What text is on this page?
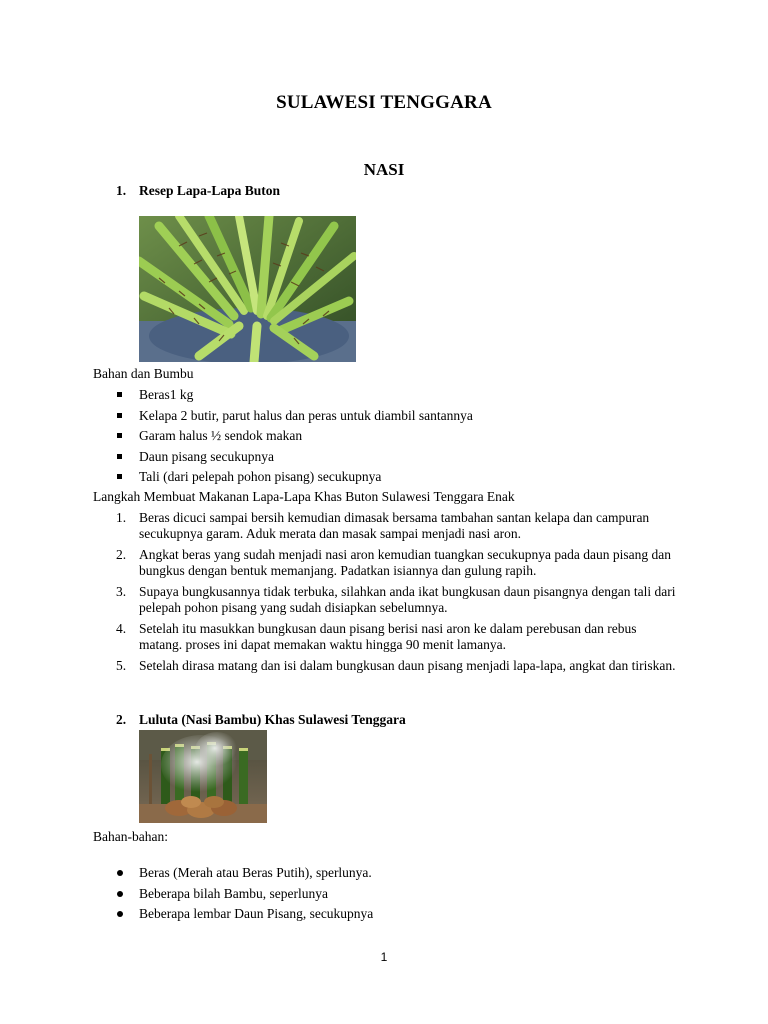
SULAWESI TENGGARA
NASI
1. Resep Lapa-Lapa Buton
Bahan dan Bumbu
Beras1 kg
Kelapa 2 butir, parut halus dan peras untuk diambil santannya
Garam halus ½ sendok makan
Daun pisang secukupnya
Tali (dari pelepah pohon pisang) secukupnya
Langkah Membuat Makanan Lapa-Lapa Khas Buton Sulawesi Tenggara Enak
1. Beras dicuci sampai bersih kemudian dimasak bersama tambahan santan kelapa dan campuran secukupnya garam. Aduk merata dan masak sampai menjadi nasi aron.
2. Angkat beras yang sudah menjadi nasi aron kemudian tuangkan secukupnya pada daun pisang dan bungkus dengan bentuk memanjang. Padatkan isiannya dan gulung rapih.
3. Supaya bungkusannya tidak terbuka, silahkan anda ikat bungkusan daun pisangnya dengan tali dari pelepah pohon pisang yang sudah disiapkan sebelumnya.
4. Setelah itu masukkan bungkusan daun pisang berisi nasi aron ke dalam perebusan dan rebus matang. proses ini dapat memakan waktu hingga 90 menit lamanya.
5. Setelah dirasa matang dan isi dalam bungkusan daun pisang menjadi lapa-lapa, angkat dan tiriskan.
2. Luluta (Nasi Bambu) Khas Sulawesi Tenggara
Bahan-bahan:
Beras (Merah atau Beras Putih), sperlunya.
Beberapa bilah Bambu, seperlunya
Beberapa lembar Daun Pisang, secukupnya
1
